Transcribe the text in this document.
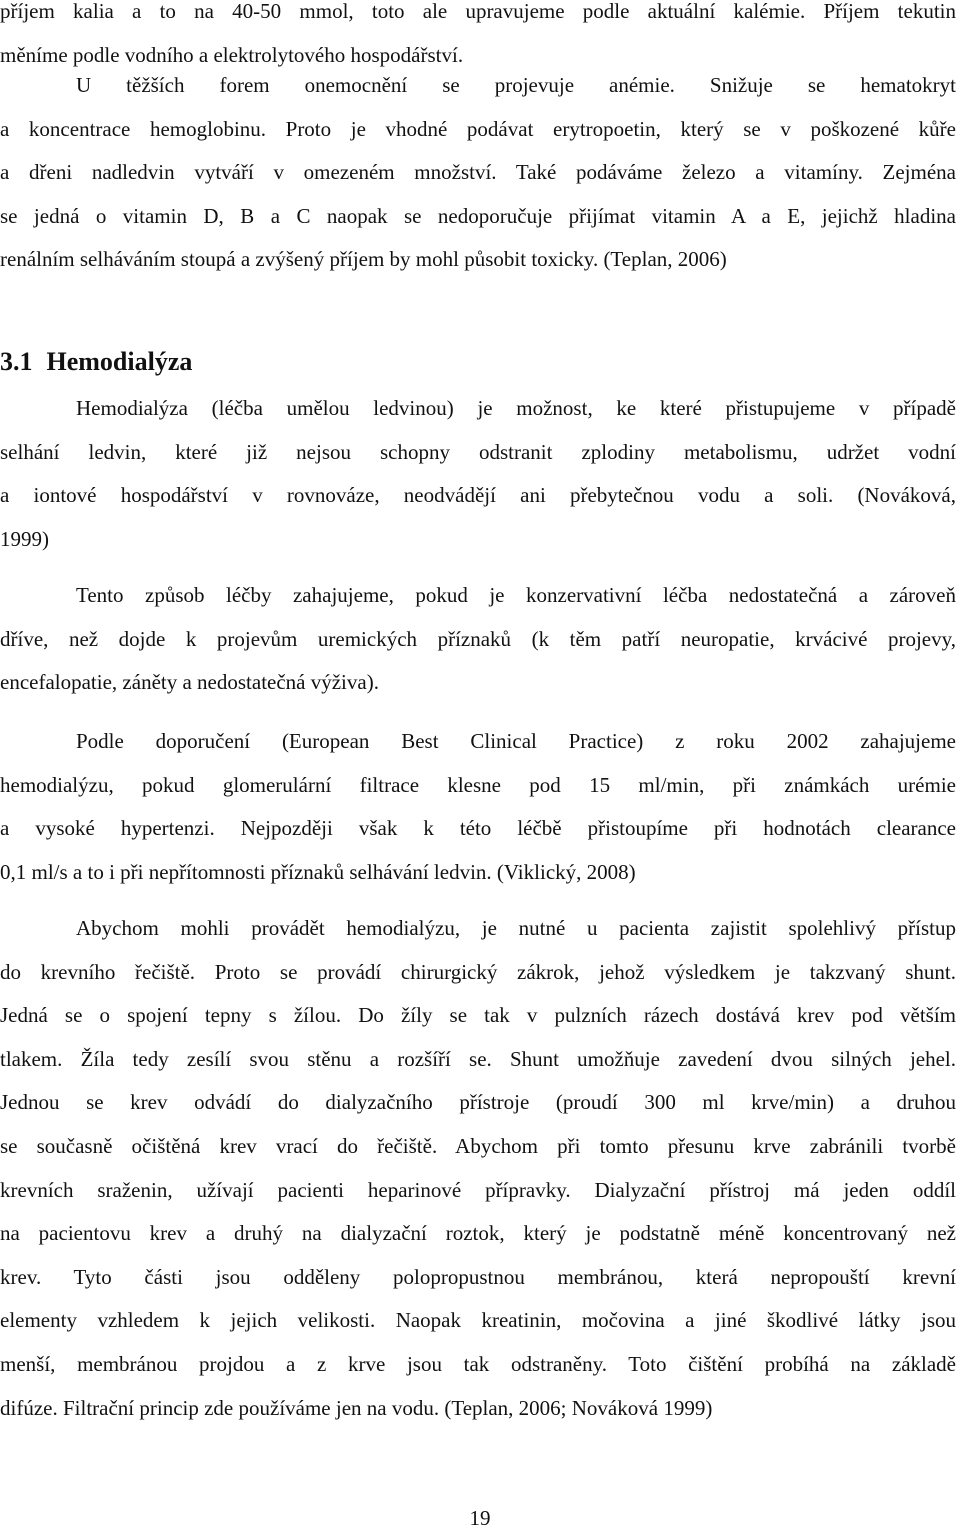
příjem kalia a to na 40-50 mmol, toto ale upravujeme podle aktuální kalémie. Příjem tekutin
měníme podle vodního a elektrolytového hospodářství.

U těžších forem onemocnění se projevuje anémie. Snižuje se hematokryt
a koncentrace hemoglobinu. Proto je vhodné podávat erytropoetin, který se v poškozené kůře
a dřeni nadledvin vytváří v omezeném množství. Také podáváme železo a vitamíny. Zejména
se jedná o vitamin D, B a C naopak se nedoporučuje přijímat vitamin A a E, jejichž hladina
renálním selháváním stoupá a zvýšený příjem by mohl působit toxicky. (Teplan, 2006)

3.1 Hemodialýza

Hemodialýza (léčba umělou ledvinou) je možnost, ke které přistupujeme v případě
selhání ledvin, které již nejsou schopny odstranit zplodiny metabolismu, udržet vodní
a iontové hospodářství v rovnováze, neodvádějí ani přebytečnou vodu a soli. (Nováková,
1999)

Tento způsob léčby zahajujeme, pokud je konzervativní léčba nedostatečná a zároveň
dříve, než dojde k projevům uremických příznaků (k těm patří neuropatie, krvácivé projevy,
encefalopatie, záněty a nedostatečná výživa).

Podle doporučení (European Best Clinical Practice) z roku 2002 zahajujeme
hemodialýzu, pokud glomerulární filtrace klesne pod 15 ml/min, při známkách urémie
a vysoké hypertenzi. Nejpozději však k této léčbě přistoupíme při hodnotách clearance
0,1 ml/s a to i při nepřítomnosti příznaků selhávání ledvin. (Viklický, 2008)

Abychom mohli provádět hemodialýzu, je nutné u pacienta zajistit spolehlivý přístup
do krevního řečiště. Proto se provádí chirurgický zákrok, jehož výsledkem je takzvaný shunt.
Jedná se o spojení tepny s žílou. Do žíly se tak v pulzních rázech dostává krev pod větším
tlakem. Žíla tedy zesílí svou stěnu a rozšíří se. Shunt umožňuje zavedení dvou silných jehel.
Jednou se krev odvádí do dialyzačního přístroje (proudí 300 ml krve/min) a druhou
se současně očištěná krev vrací do řečiště. Abychom při tomto přesunu krve zabránili tvorbě
krevních sraženin, užívají pacienti heparinové přípravky. Dialyzační přístroj má jeden oddíl
na pacientovu krev a druhý na dialyzační roztok, který je podstatně méně koncentrovaný než
krev. Tyto části jsou odděleny polopropustnou membránou, která nepropouští krevní
elementy vzhledem k jejich velikosti. Naopak kreatinin, močovina a jiné škodlivé látky jsou
menší, membránou projdou a z krve jsou tak odstraněny. Toto čištění probíhá na základě
difúze. Filtrační princip zde používáme jen na vodu. (Teplan, 2006; Nováková 1999)

19
